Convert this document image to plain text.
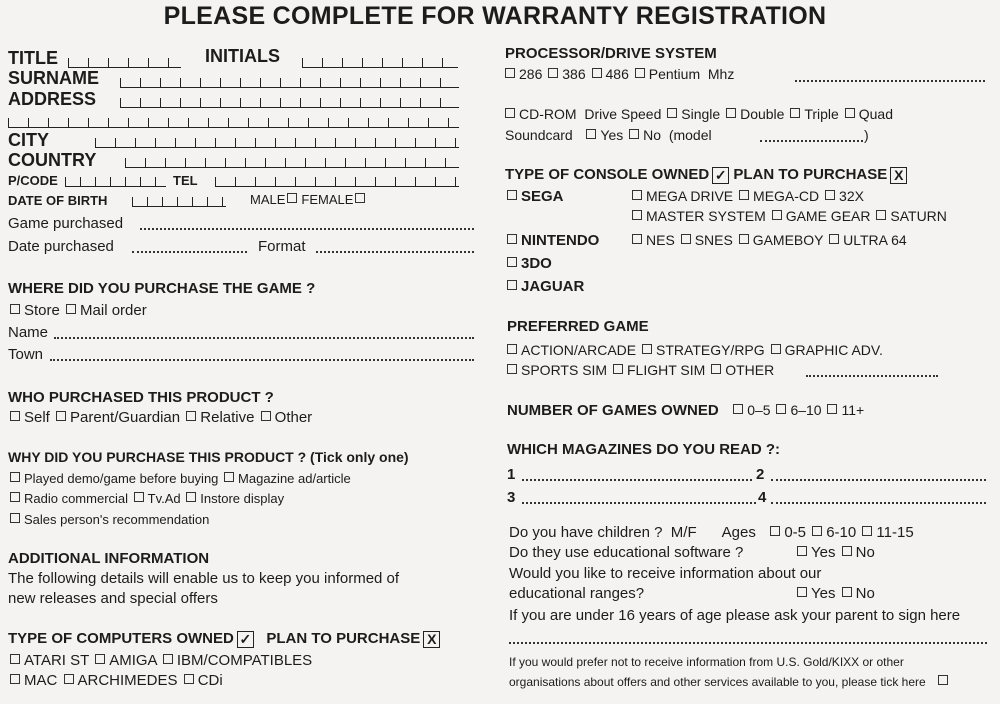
PLEASE COMPLETE FOR WARRANTY REGISTRATION
TITLE	INITIALS
SURNAME
ADDRESS
CITY
COUNTRY
P/CODE	TEL
DATE OF BIRTH	MALE FEMALE
Game purchased
Date purchased	Format
WHERE DID YOU PURCHASE THE GAME ?
Store Mail order
Name
Town
WHO PURCHASED THIS PRODUCT ?
Self Parent/Guardian Relative Other
WHY DID YOU PURCHASE THIS PRODUCT ? (Tick only one)
Played demo/game before buying Magazine ad/article
Radio commercial Tv.Ad Instore display
Sales person's recommendation
ADDITIONAL INFORMATION
The following details will enable us to keep you informed of
new releases and special offers
TYPE OF COMPUTERS OWNED ✓ PLAN TO PURCHASE X
ATARI ST AMIGA IBM/COMPATIBLES
MAC ARCHIMEDES CDi
PROCESSOR/DRIVE SYSTEM
286 386 486 Pentium Mhz
CD-ROM Drive Speed Single Double Triple Quad
Soundcard Yes No (model	)
TYPE OF CONSOLE OWNED ✓ PLAN TO PURCHASE X
SEGA	MEGA DRIVE MEGA-CD 32X
MASTER SYSTEM GAME GEAR SATURN
NINTENDO	NES SNES GAMEBOY ULTRA 64
3DO
JAGUAR
PREFERRED GAME
ACTION/ARCADE STRATEGY/RPG GRAPHIC ADV.
SPORTS SIM FLIGHT SIM OTHER
NUMBER OF GAMES OWNED 0–5 6–10 11+
WHICH MAGAZINES DO YOU READ ?:
1	2
3	4
Do you have children ? M/F Ages 0-5 6-10 11-15
Do they use educational software ?	Yes No
Would you like to receive information about our
educational ranges?	Yes No
If you are under 16 years of age please ask your parent to sign here
If you would prefer not to receive information from U.S. Gold/KIXX or other
organisations about offers and other services available to you, please tick here
